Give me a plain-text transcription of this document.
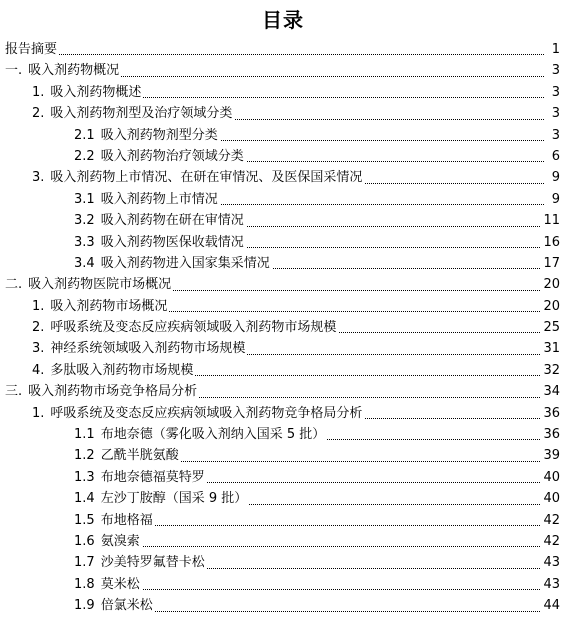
目录
报告摘要	1
一. 吸入剂药物概况	3
1. 吸入剂药物概述	3
2. 吸入剂药物剂型及治疗领域分类	3
2.1 吸入剂药物剂型分类	3
2.2 吸入剂药物治疗领域分类	6
3. 吸入剂药物上市情况、在研在审情况、及医保国采情况	9
3.1 吸入剂药物上市情况	9
3.2 吸入剂药物在研在审情况	11
3.3 吸入剂药物医保收载情况	16
3.4 吸入剂药物进入国家集采情况	17
二. 吸入剂药物医院市场概况	20
1. 吸入剂药物市场概况	20
2. 呼吸系统及变态反应疾病领域吸入剂药物市场规模	25
3. 神经系统领域吸入剂药物市场规模	31
4. 多肽吸入剂药物市场规模	32
三. 吸入剂药物市场竞争格局分析	34
1. 呼吸系统及变态反应疾病领域吸入剂药物竞争格局分析	36
1.1 布地奈德（雾化吸入剂纳入国采 5 批）	36
1.2 乙酰半胱氨酸	39
1.3 布地奈德福莫特罗	40
1.4 左沙丁胺醇（国采 9 批）	40
1.5 布地格福	42
1.6 氨溴索	42
1.7 沙美特罗氟替卡松	43
1.8 莫米松	43
1.9 倍氯米松	44
